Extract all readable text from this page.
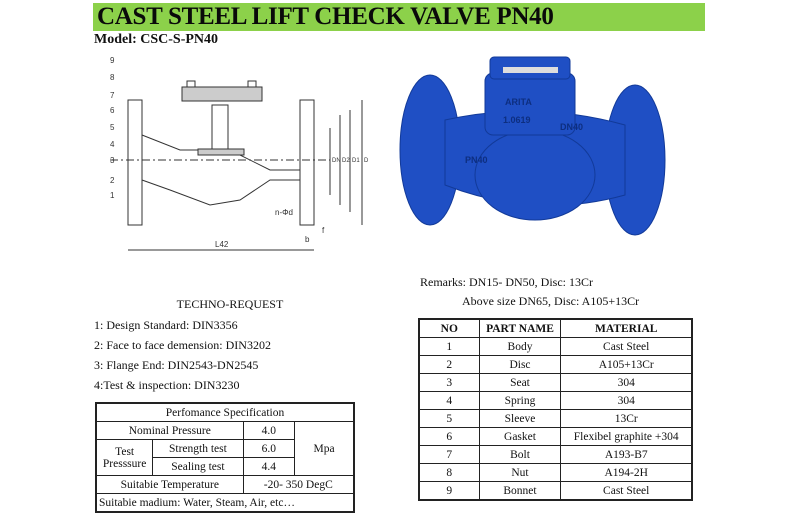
CAST STEEL LIFT CHECK VALVE PN40
Model: CSC-S-PN40
9
8
7
6
5
4
3
2
1
L42
n-Φd
f
b
DN D2 D1 D
ARITA
1.0619
DN40
PN40
TECHNO-REQUEST
1: Design Standard: DIN3356
2: Face to face demension: DIN3202
3: Flange End: DIN2543-DN2545
4:Test & inspection: DIN3230
Perfomance Specification			
Nominal Pressure		4.0	Mpa
Test Presssure	Strength test	6.0	
	Sealing test	4.4	
Suitabie Temperature		-20- 350 DegC	
Suitabie madium: Water, Steam, Air, etc…			
Remarks: DN15- DN50, Disc: 13Cr
Above size DN65, Disc: A105+13Cr
NO	PART NAME	MATERIAL
1	Body	Cast Steel
2	Disc	A105+13Cr
3	Seat	304
4	Spring	304
5	Sleeve	13Cr
6	Gasket	Flexibel graphite +304
7	Bolt	A193-B7
8	Nut	A194-2H
9	Bonnet	Cast Steel
